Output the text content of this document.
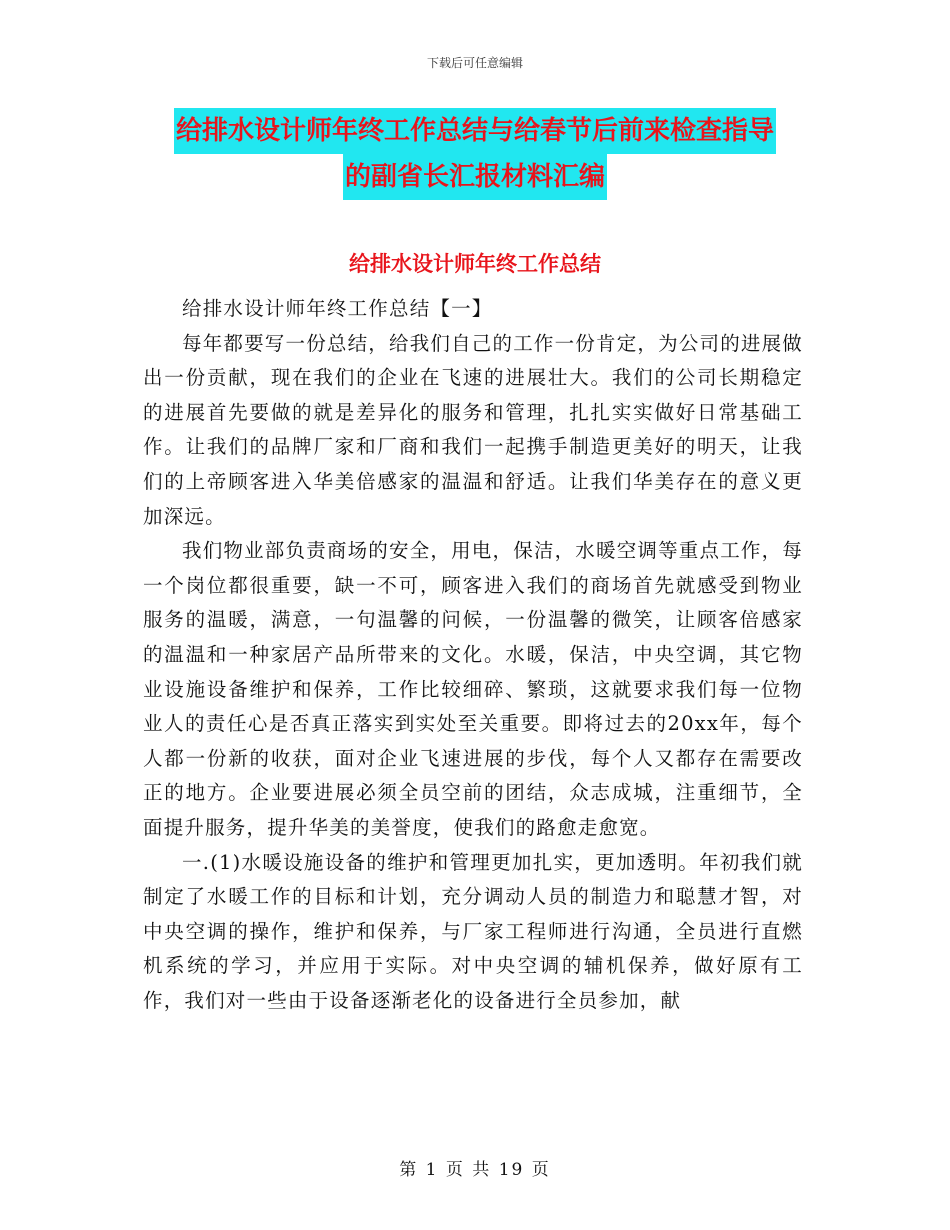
下载后可任意编辑
给排水设计师年终工作总结与给春节后前来检查指导
的副省长汇报材料汇编
给排水设计师年终工作总结

给排水设计师年终工作总结【一】

每年都要写一份总结，给我们自己的工作一份肯定，为公司的进展做出一份贡献，现在我们的企业在飞速的进展壮大。我们的公司长期稳定的进展首先要做的就是差异化的服务和管理，扎扎实实做好日常基础工作。让我们的品牌厂家和厂商和我们一起携手制造更美好的明天，让我们的上帝顾客进入华美倍感家的温温和舒适。让我们华美存在的意义更加深远。

我们物业部负责商场的安全，用电，保洁，水暖空调等重点工作，每一个岗位都很重要，缺一不可，顾客进入我们的商场首先就感受到物业服务的温暖，满意，一句温馨的问候，一份温馨的微笑，让顾客倍感家的温温和一种家居产品所带来的文化。水暖，保洁，中央空调，其它物业设施设备维护和保养，工作比较细碎、繁琐，这就要求我们每一位物业人的责任心是否真正落实到实处至关重要。即将过去的20xx年，每个人都一份新的收获，面对企业飞速进展的步伐，每个人又都存在需要改正的地方。企业要进展必须全员空前的团结，众志成城，注重细节，全面提升服务，提升华美的美誉度，使我们的路愈走愈宽。

一.(1)水暖设施设备的维护和管理更加扎实，更加透明。年初我们就制定了水暖工作的目标和计划，充分调动人员的制造力和聪慧才智，对中央空调的操作，维护和保养，与厂家工程师进行沟通，全员进行直燃机系统的学习，并应用于实际。对中央空调的辅机保养，做好原有工作，我们对一些由于设备逐渐老化的设备进行全员参加，献

第 1 页 共 19 页
